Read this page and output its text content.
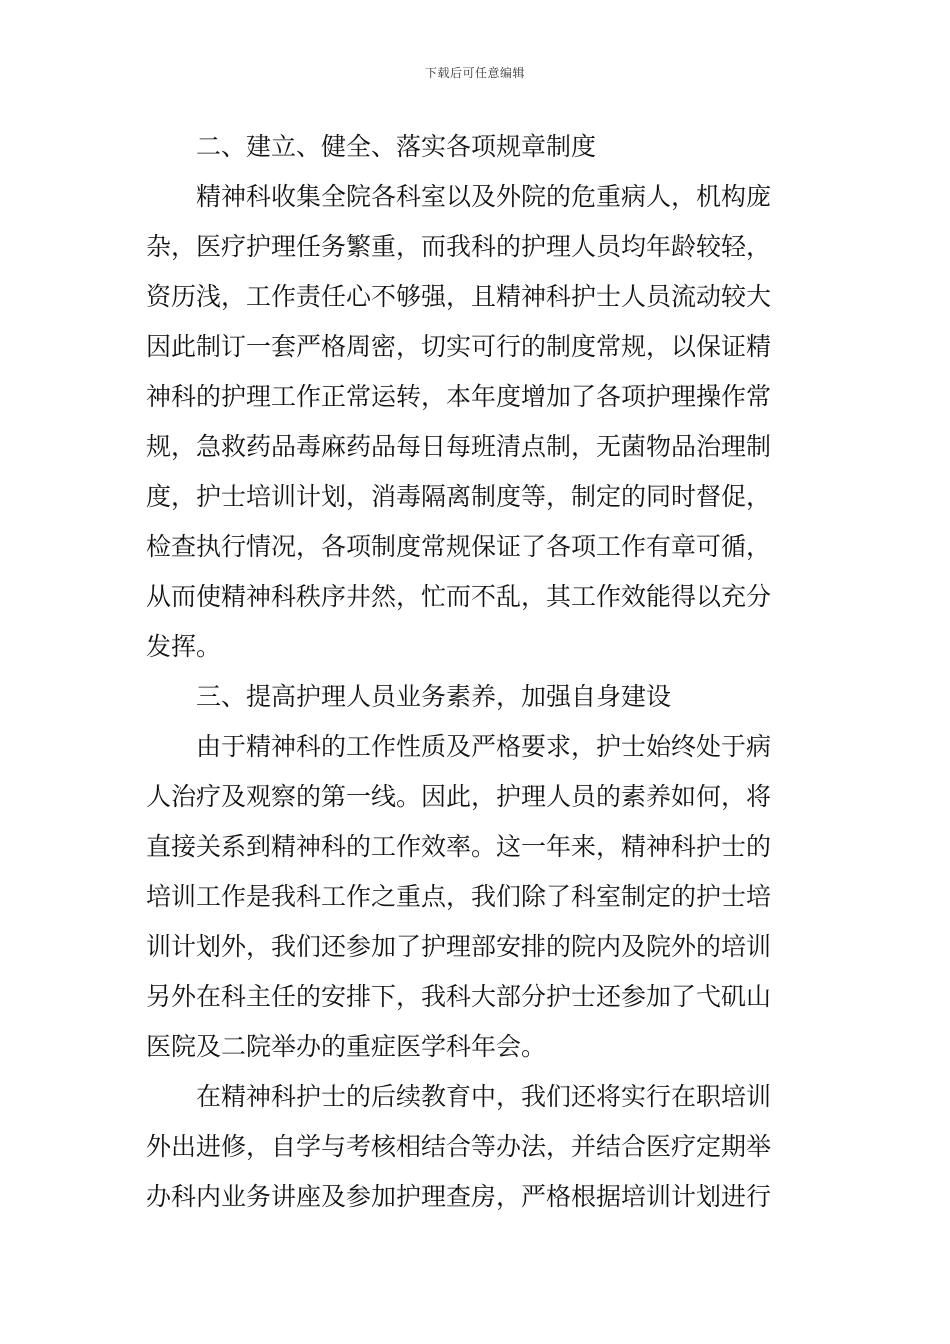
下载后可任意编辑
二、建立、健全、落实各项规章制度
精神科收集全院各科室以及外院的危重病人，机构庞
杂，医疗护理任务繁重，而我科的护理人员均年龄较轻，
资历浅，工作责任心不够强，且精神科护士人员流动较大
因此制订一套严格周密，切实可行的制度常规，以保证精
神科的护理工作正常运转，本年度增加了各项护理操作常
规，急救药品毒麻药品每日每班清点制，无菌物品治理制
度，护士培训计划，消毒隔离制度等，制定的同时督促，
检查执行情况，各项制度常规保证了各项工作有章可循，
从而使精神科秩序井然，忙而不乱，其工作效能得以充分
发挥。
三、提高护理人员业务素养，加强自身建设
由于精神科的工作性质及严格要求，护士始终处于病
人治疗及观察的第一线。因此，护理人员的素养如何，将
直接关系到精神科的工作效率。这一年来，精神科护士的
培训工作是我科工作之重点，我们除了科室制定的护士培
训计划外，我们还参加了护理部安排的院内及院外的培训
另外在科主任的安排下，我科大部分护士还参加了弋矶山
医院及二院举办的重症医学科年会。
在精神科护士的后续教育中，我们还将实行在职培训
外出进修，自学与考核相结合等办法，并结合医疗定期举
办科内业务讲座及参加护理查房，严格根据培训计划进行
